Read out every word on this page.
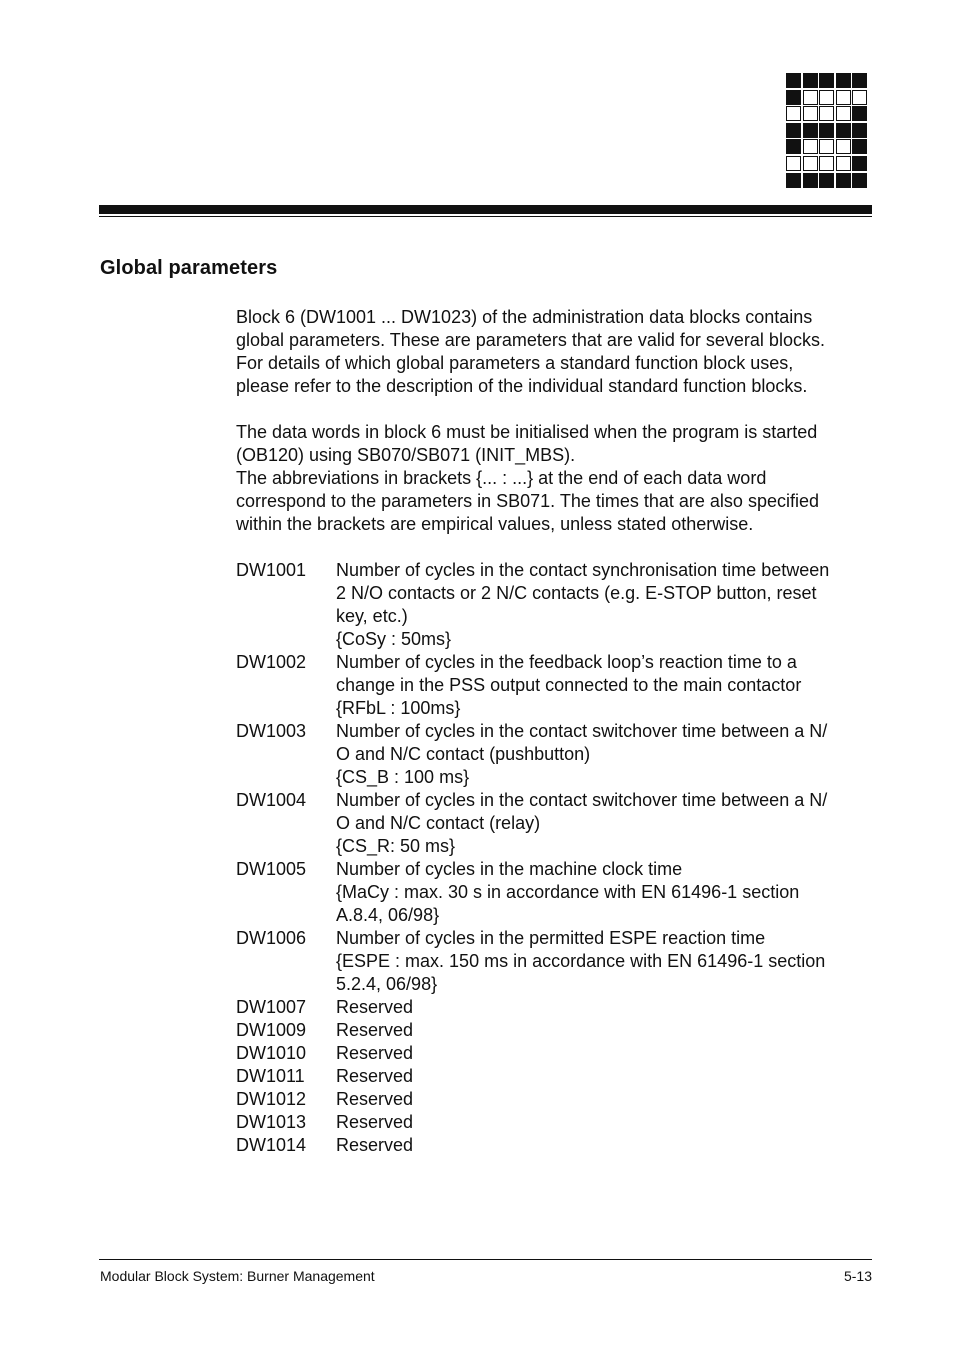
Global parameters

Block 6 (DW1001 ... DW1023) of the administration data blocks contains
global parameters. These are parameters that are valid for several blocks.
For details of which global parameters a standard function block uses,
please refer to the description of the individual standard function blocks.

The data words in block 6 must be initialised when the program is started
(OB120) using SB070/SB071 (INIT_MBS).
The abbreviations in brackets {... : ...} at the end of each data word
correspond to the parameters in SB071. The times that are also specified
within the brackets are empirical values, unless stated otherwise.

DW1001	Number of cycles in the contact synchronisation time between
2 N/O contacts or 2 N/C contacts (e.g. E-STOP button, reset
key, etc.)
{CoSy : 50ms}
DW1002	Number of cycles in the feedback loop’s reaction time to a
change in the PSS output connected to the main contactor
{RFbL : 100ms}
DW1003	Number of cycles in the contact switchover time between a N/
O and N/C contact (pushbutton)
{CS_B : 100 ms}
DW1004	Number of cycles in the contact switchover time between a N/
O and N/C contact (relay)
{CS_R: 50 ms}
DW1005	Number of cycles in the machine clock time
{MaCy : max. 30 s in accordance with EN 61496-1 section
A.8.4, 06/98}
DW1006	Number of cycles in the permitted ESPE reaction time
{ESPE : max. 150 ms in accordance with EN 61496-1 section
5.2.4, 06/98}
DW1007	Reserved
DW1009	Reserved
DW1010	Reserved
DW1011	Reserved
DW1012	Reserved
DW1013	Reserved
DW1014	Reserved
Modular Block System: Burner Management	5-13
